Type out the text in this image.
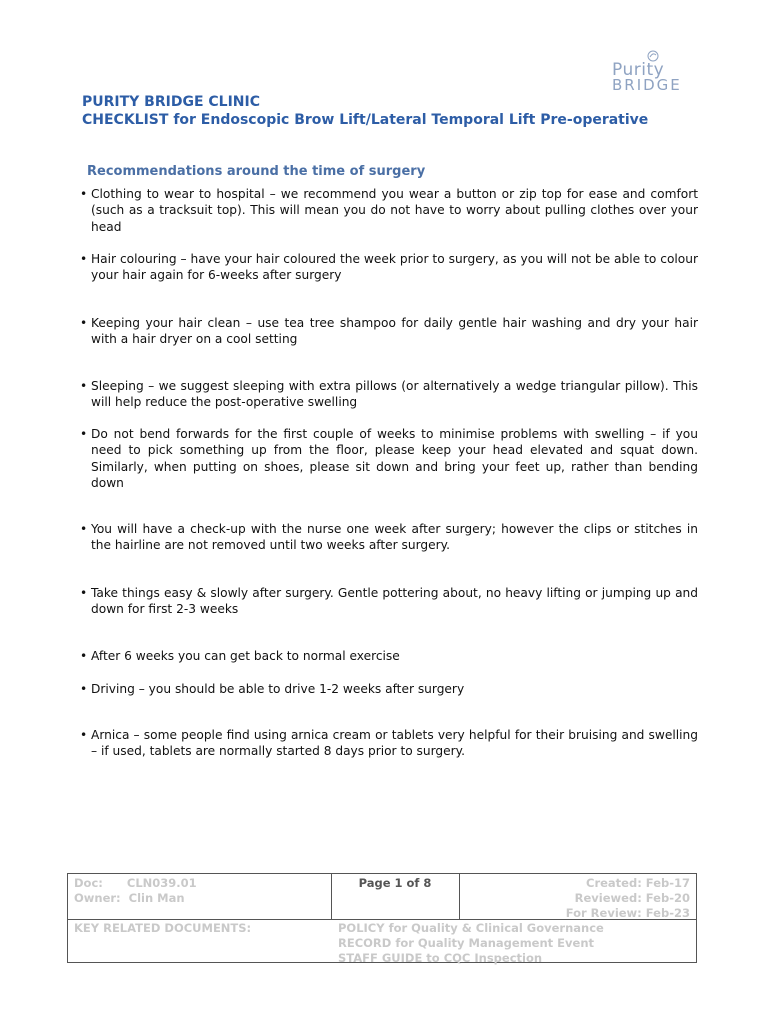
Purity
BRIDGE
PURITY BRIDGE CLINIC
CHECKLIST for Endoscopic Brow Lift/Lateral Temporal Lift Pre-operative
Recommendations around the time of surgery
• Clothing to wear to hospital – we recommend you wear a button or zip top for ease and comfort (such as a tracksuit top). This will mean you do not have to worry about pulling clothes over your head
• Hair colouring – have your hair coloured the week prior to surgery, as you will not be able to colour your hair again for 6-weeks after surgery
• Keeping your hair clean – use tea tree shampoo for daily gentle hair washing and dry your hair with a hair dryer on a cool setting
• Sleeping – we suggest sleeping with extra pillows (or alternatively a wedge triangular pillow). This will help reduce the post-operative swelling
• Do not bend forwards for the first couple of weeks to minimise problems with swelling – if you need to pick something up from the floor, please keep your head elevated and squat down. Similarly, when putting on shoes, please sit down and bring your feet up, rather than bending down
• You will have a check-up with the nurse one week after surgery; however the clips or stitches in the hairline are not removed until two weeks after surgery.
• Take things easy & slowly after surgery. Gentle pottering about, no heavy lifting or jumping up and down for first 2-3 weeks
• After 6 weeks you can get back to normal exercise
• Driving – you should be able to drive 1-2 weeks after surgery
• Arnica – some people find using arnica cream or tablets very helpful for their bruising and swelling – if used, tablets are normally started 8 days prior to surgery.
Doc: CLN039.01
Owner: Clin Man
Page 1 of 8	Created: Feb-17
Reviewed: Feb-20
For Review: Feb-23
KEY RELATED DOCUMENTS:	POLICY for Quality & Clinical Governance
RECORD for Quality Management Event
STAFF GUIDE to CQC Inspection
